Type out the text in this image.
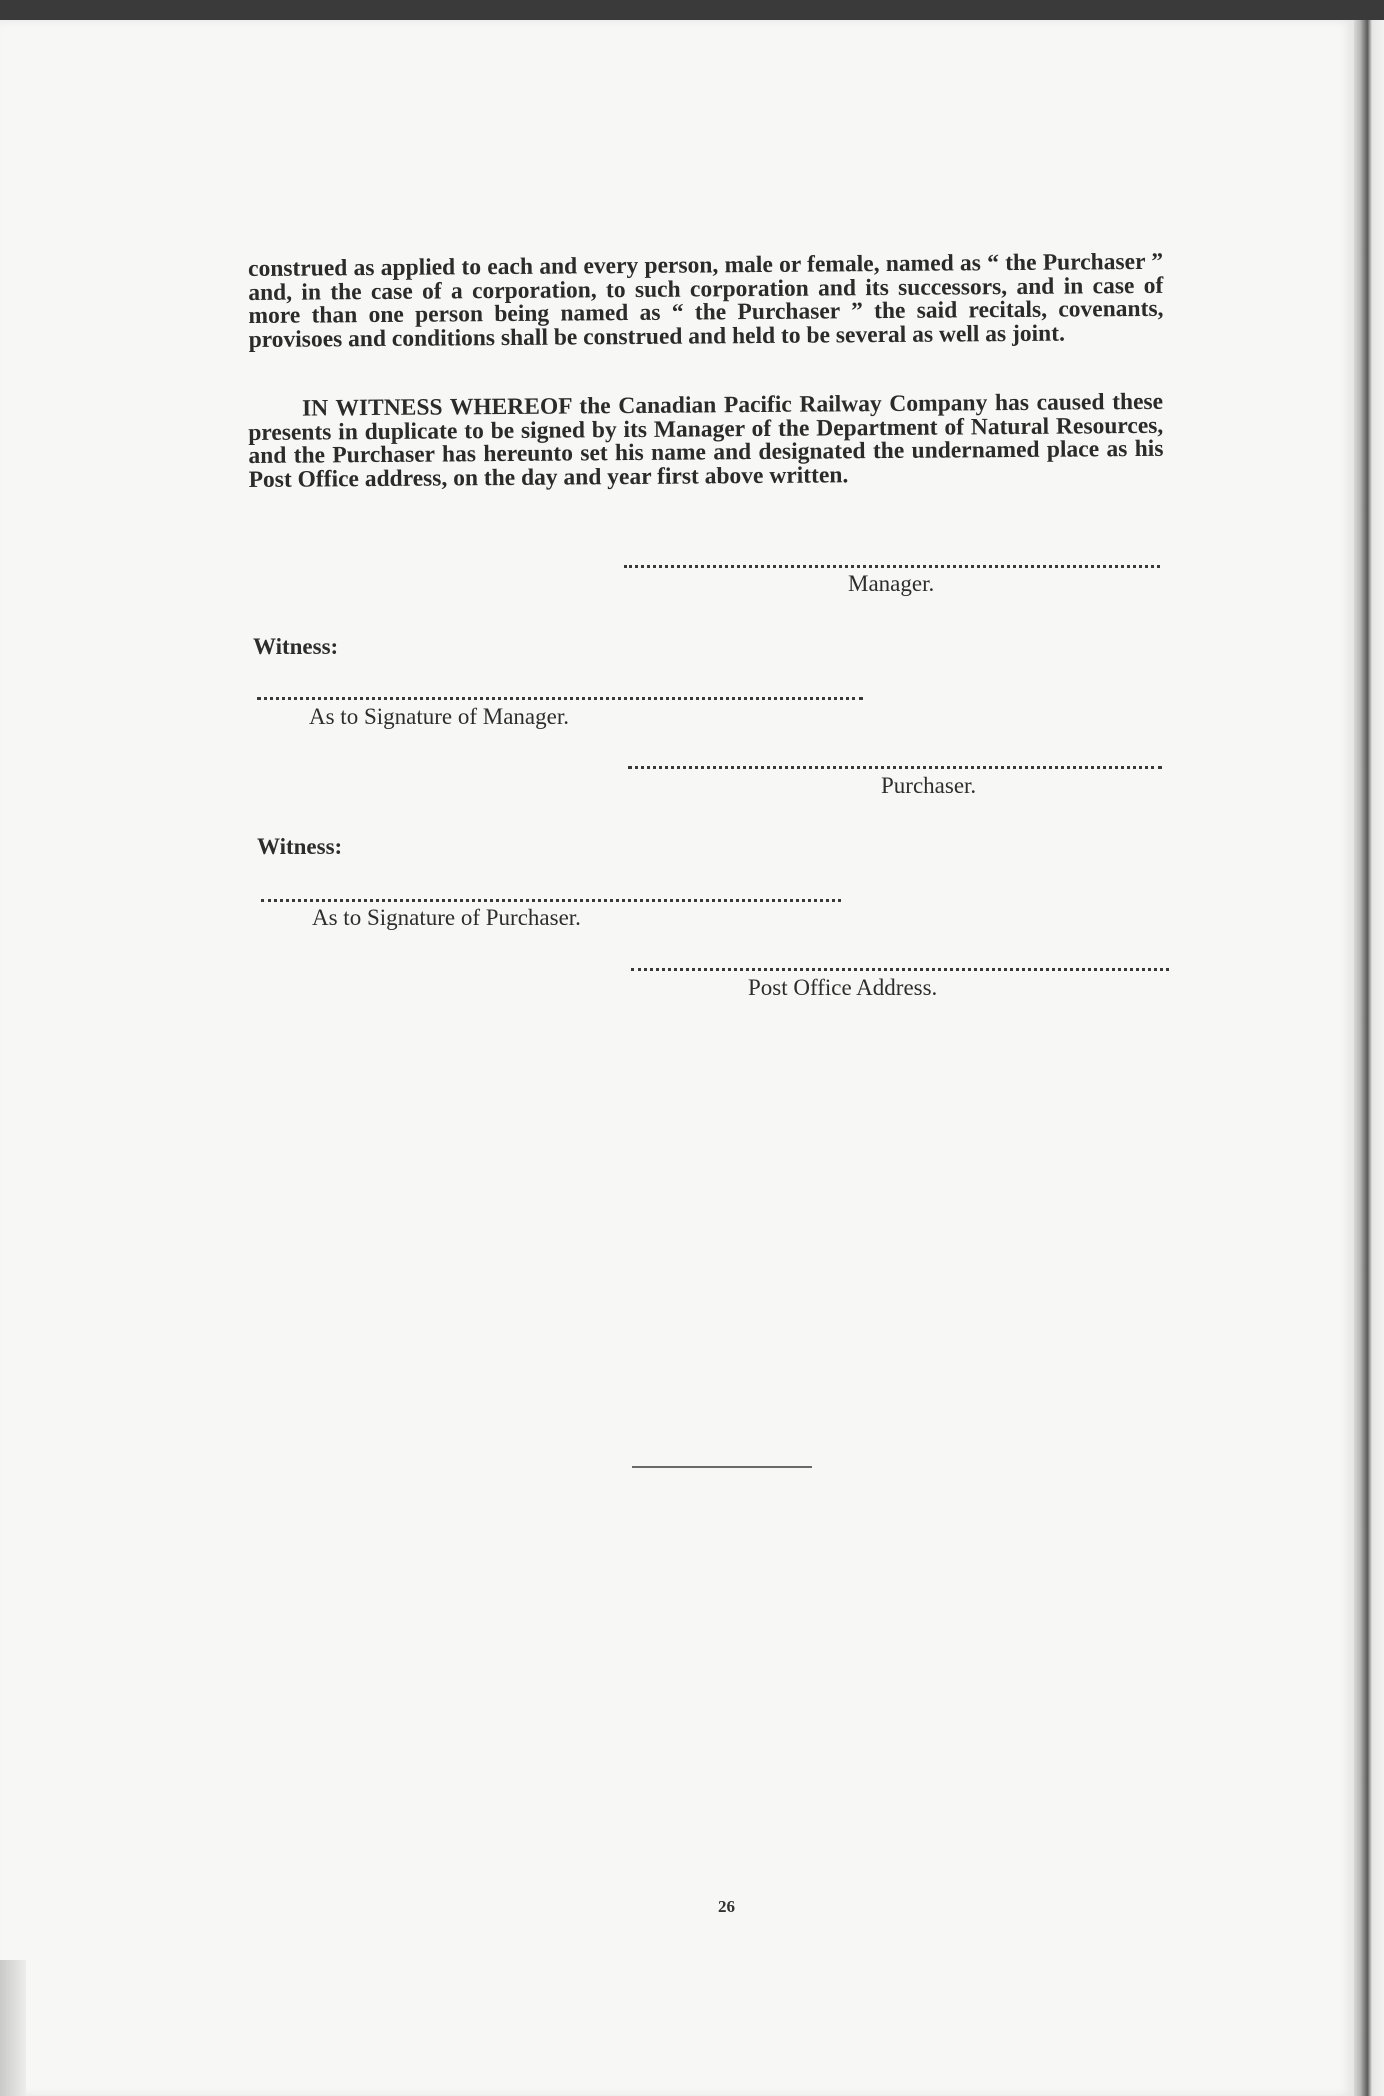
construed as applied to each and every person, male or female, named as “ the Purchaser ” and, in the case of a corporation, to such corporation and its successors, and in case of more than one person being named as “ the Purchaser ” the said recitals, covenants, provisoes and conditions shall be construed and held to be several as well as joint.
IN WITNESS WHEREOF the Canadian Pacific Railway Company has caused these presents in duplicate to be signed by its Manager of the Department of Natural Resources, and the Purchaser has hereunto set his name and designated the undernamed place as his Post Office address, on the day and year first above written.
Manager.
Witness:
As to Signature of Manager.
Purchaser.
Witness:
As to Signature of Purchaser.
Post Office Address.
26
